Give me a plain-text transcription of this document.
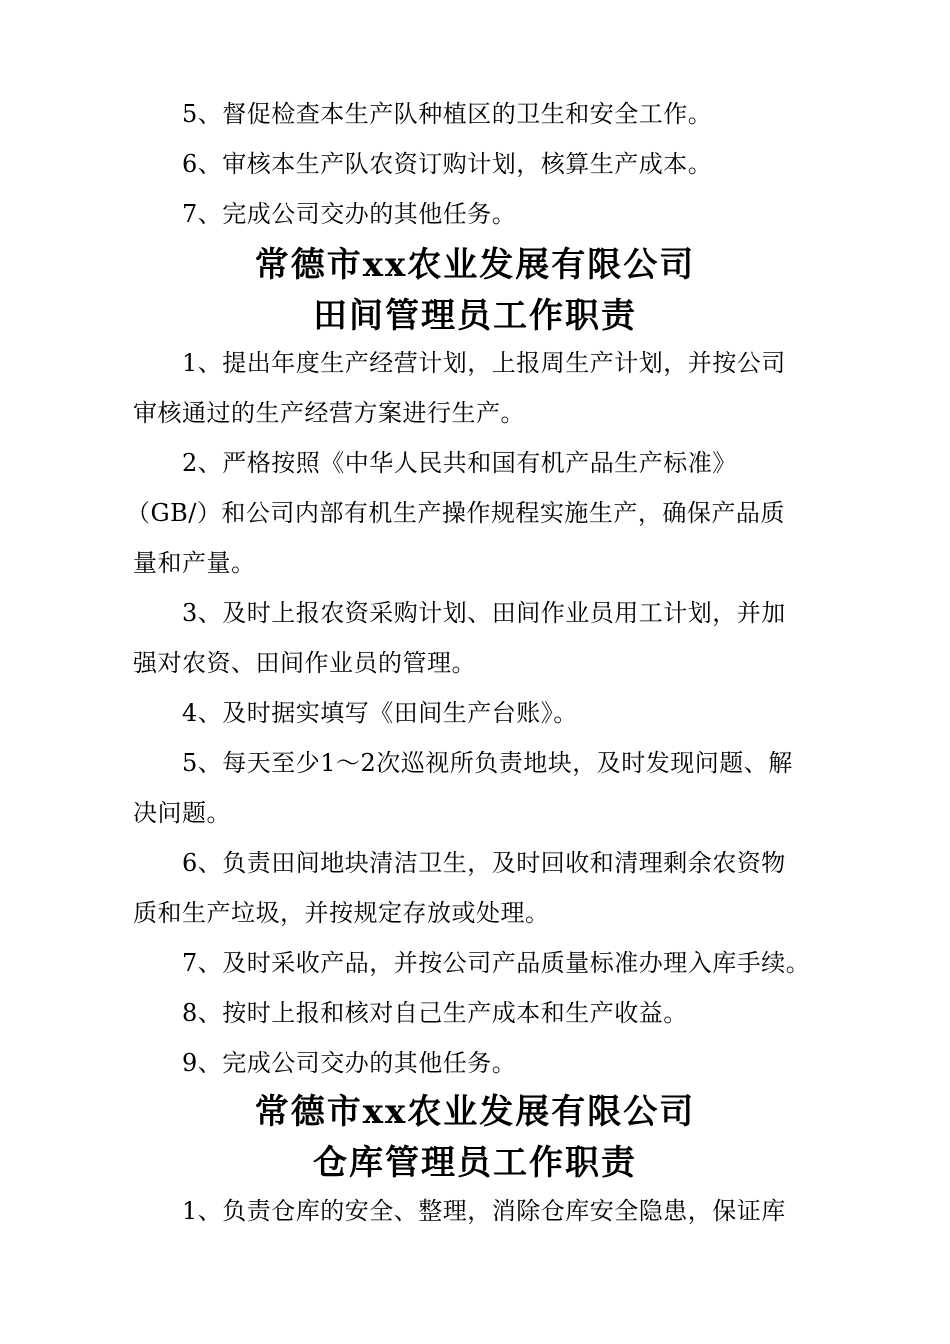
5、督促检查本生产队种植区的卫生和安全工作。
6、审核本生产队农资订购计划，核算生产成本。
7、完成公司交办的其他任务。
常德市xx农业发展有限公司
田间管理员工作职责
1、提出年度生产经营计划，上报周生产计划，并按公司
审核通过的生产经营方案进行生产。
2、严格按照《中华人民共和国有机产品生产标准》
（GB/）和公司内部有机生产操作规程实施生产，确保产品质
量和产量。
3、及时上报农资采购计划、田间作业员用工计划，并加
强对农资、田间作业员的管理。
4、及时据实填写《田间生产台账》。
5、每天至少1～2次巡视所负责地块，及时发现问题、解
决问题。
6、负责田间地块清洁卫生，及时回收和清理剩余农资物
质和生产垃圾，并按规定存放或处理。
7、及时采收产品，并按公司产品质量标准办理入库手续。
8、按时上报和核对自己生产成本和生产收益。
9、完成公司交办的其他任务。
常德市xx农业发展有限公司
仓库管理员工作职责
1、负责仓库的安全、整理，消除仓库安全隐患，保证库
